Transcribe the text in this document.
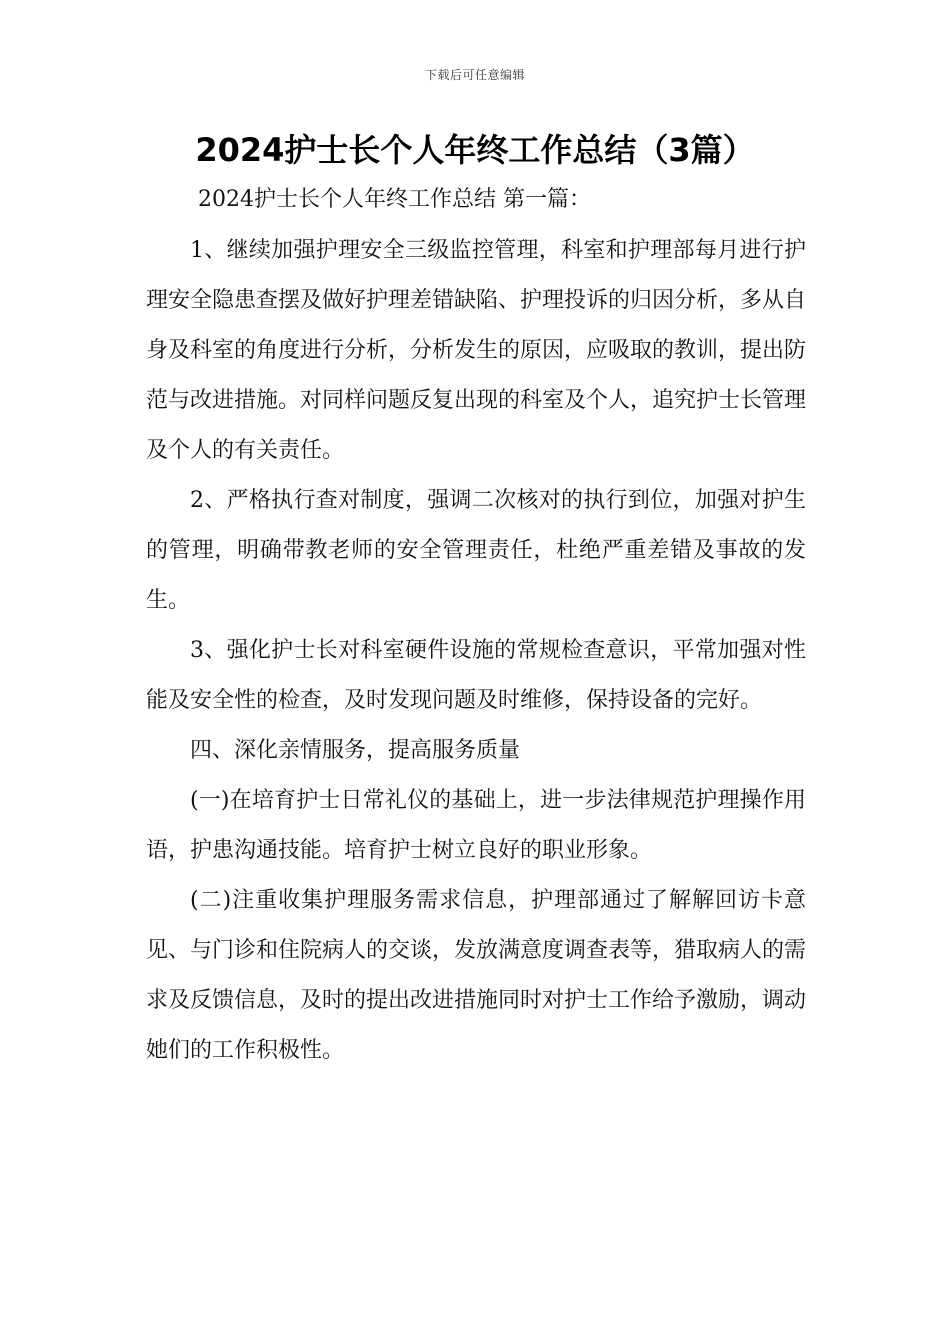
下载后可任意编辑
2024护士长个人年终工作总结（3篇）

2024护士长个人年终工作总结 第一篇：

1、继续加强护理安全三级监控管理，科室和护理部每月进行护理安全隐患查摆及做好护理差错缺陷、护理投诉的归因分析，多从自身及科室的角度进行分析，分析发生的原因，应吸取的教训，提出防范与改进措施。对同样问题反复出现的科室及个人，追究护士长管理及个人的有关责任。

2、严格执行查对制度，强调二次核对的执行到位，加强对护生的管理，明确带教老师的安全管理责任，杜绝严重差错及事故的发生。

3、强化护士长对科室硬件设施的常规检查意识，平常加强对性能及安全性的检查，及时发现问题及时维修，保持设备的完好。

四、深化亲情服务，提高服务质量

(一)在培育护士日常礼仪的基础上，进一步法律规范护理操作用语，护患沟通技能。培育护士树立良好的职业形象。

(二)注重收集护理服务需求信息，护理部通过了解解回访卡意见、与门诊和住院病人的交谈，发放满意度调查表等，猎取病人的需求及反馈信息，及时的提出改进措施同时对护士工作给予激励，调动她们的工作积极性。
